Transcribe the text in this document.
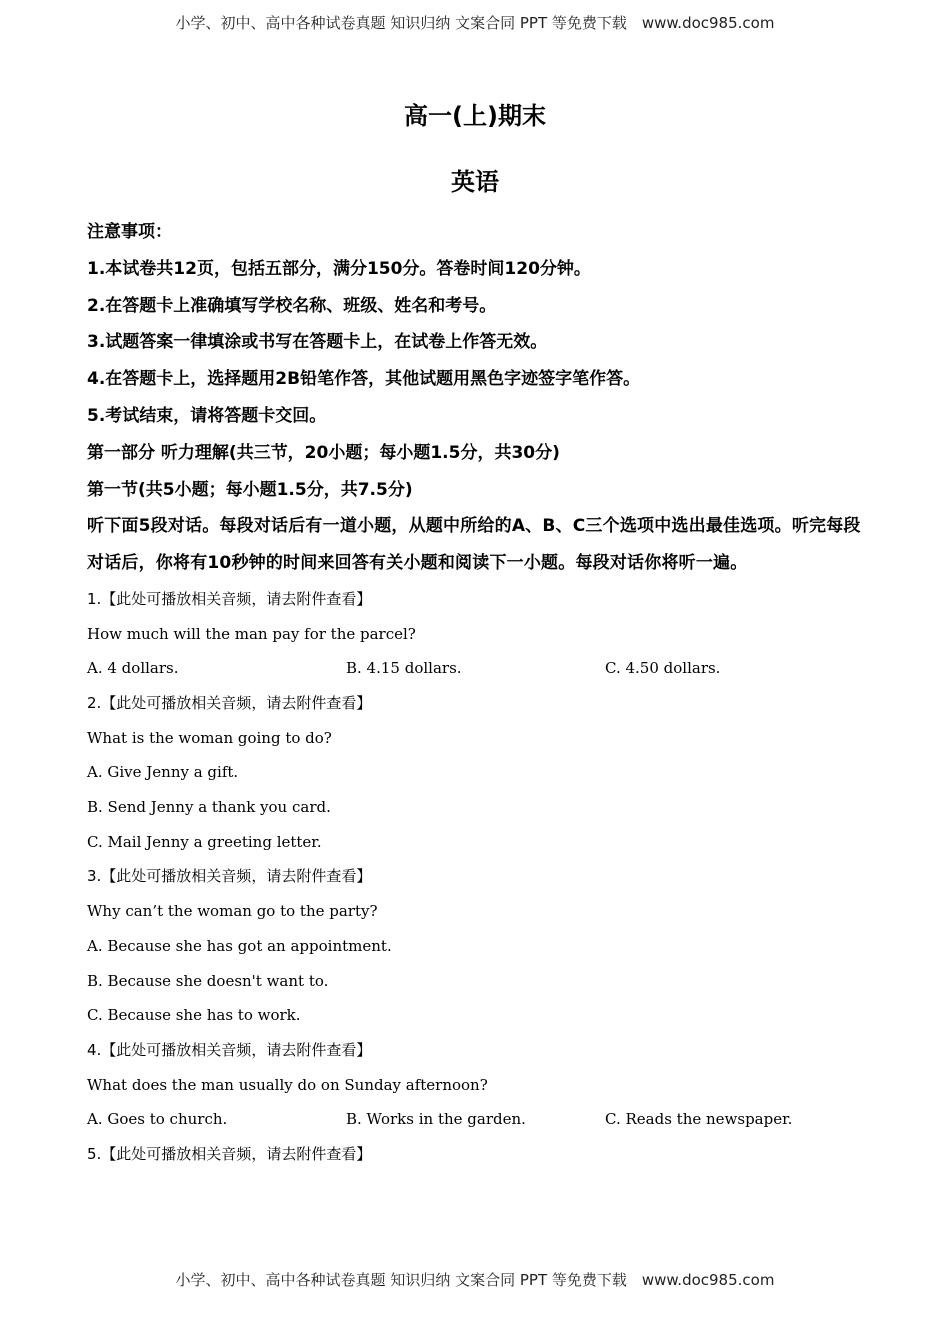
小学、初中、高中各种试卷真题 知识归纳 文案合同 PPT 等免费下载　www.doc985.com
高一(上)期末
英语

注意事项：

1.本试卷共12页，包括五部分，满分150分。答卷时间120分钟。

2.在答题卡上准确填写学校名称、班级、姓名和考号。

3.试题答案一律填涂或书写在答题卡上，在试卷上作答无效。

4.在答题卡上，选择题用2B铅笔作答，其他试题用黑色字迹签字笔作答。

5.考试结束，请将答题卡交回。

第一部分 听力理解(共三节，20小题；每小题1.5分，共30分)

第一节(共5小题；每小题1.5分，共7.5分)

听下面5段对话。每段对话后有一道小题，从题中所给的A、B、C三个选项中选出最佳选项。听完每段对话后，你将有10秒钟的时间来回答有关小题和阅读下一小题。每段对话你将听一遍。

1.【此处可播放相关音频，请去附件查看】

How much will the man pay for the parcel?

A. 4 dollars.	B. 4.15 dollars.	C. 4.50 dollars.

2.【此处可播放相关音频，请去附件查看】

What is the woman going to do?

A. Give Jenny a gift.

B. Send Jenny a thank you card.

C. Mail Jenny a greeting letter.

3.【此处可播放相关音频，请去附件查看】

Why can’t the woman go to the party?

A. Because she has got an appointment.

B. Because she doesn't want to.

C. Because she has to work.

4.【此处可播放相关音频，请去附件查看】

What does the man usually do on Sunday afternoon?

A. Goes to church.	B. Works in the garden.	C. Reads the newspaper.

5.【此处可播放相关音频，请去附件查看】

小学、初中、高中各种试卷真题 知识归纳 文案合同 PPT 等免费下载　www.doc985.com
